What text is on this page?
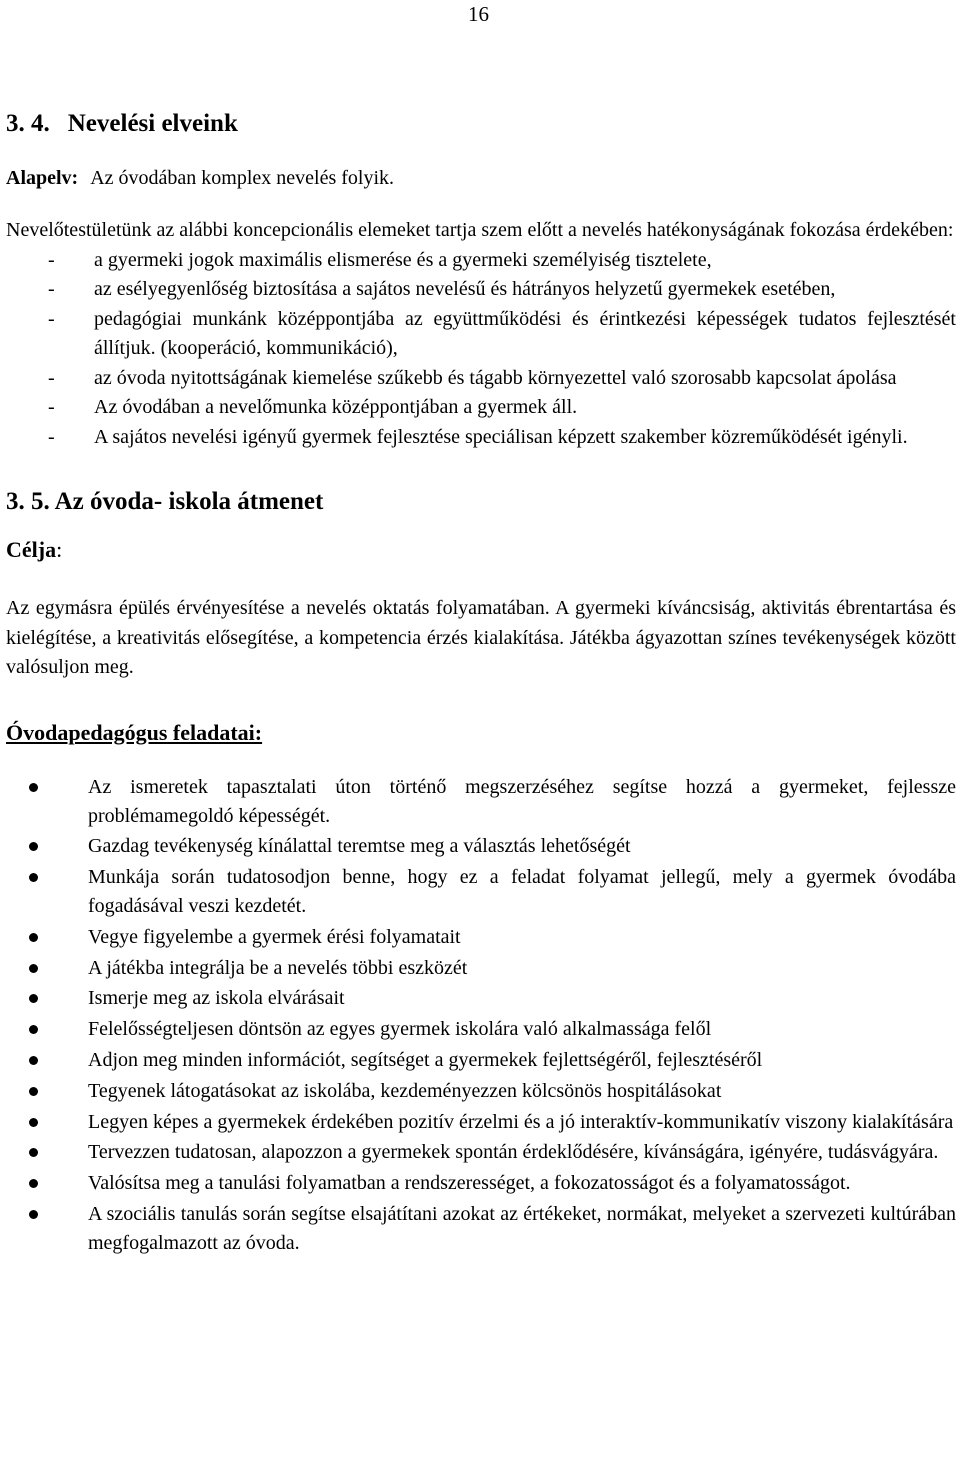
16
3. 4. Nevelési elveink
Alapelv: Az óvodában komplex nevelés folyik.

Nevelőtestületünk az alábbi koncepcionális elemeket tartja szem előtt a nevelés hatékonyságának fokozása érdekében:

- a gyermeki jogok maximális elismerése és a gyermeki személyiség tisztelete,
- az esélyegyenlőség biztosítása a sajátos nevelésű és hátrányos helyzetű gyermekek esetében,
- pedagógiai munkánk középpontjába az együttműködési és érintkezési képességek tudatos fejlesztését állítjuk. (kooperáció, kommunikáció),
- az óvoda nyitottságának kiemelése szűkebb és tágabb környezettel való szorosabb kapcsolat ápolása
- Az óvodában a nevelőmunka középpontjában a gyermek áll.
- A sajátos nevelési igényű gyermek fejlesztése speciálisan képzett szakember közreműködését igényli.
3. 5. Az óvoda- iskola átmenet
Célja:

Az egymásra épülés érvényesítése a nevelés oktatás folyamatában. A gyermeki kíváncsiság, aktivitás ébrentartása és kielégítése, a kreativitás elősegítése, a kompetencia érzés kialakítása. Játékba ágyazottan színes tevékenységek között valósuljon meg.

Óvodapedagógus feladatai:
Az ismeretek tapasztalati úton történő megszerzéséhez segítse hozzá a gyermeket, fejlessze problémamegoldó képességét.
Gazdag tevékenység kínálattal teremtse meg a választás lehetőségét
Munkája során tudatosodjon benne, hogy ez a feladat folyamat jellegű, mely a gyermek óvodába fogadásával veszi kezdetét.
Vegye figyelembe a gyermek érési folyamatait
A játékba integrálja be a nevelés többi eszközét
Ismerje meg az iskola elvárásait
Felelősségteljesen döntsön az egyes gyermek iskolára való alkalmassága felől
Adjon meg minden információt, segítséget a gyermekek fejlettségéről, fejlesztéséről
Tegyenek látogatásokat az iskolába, kezdeményezzen kölcsönös hospitálásokat
Legyen képes a gyermekek érdekében pozitív érzelmi és a jó interaktív-kommunikatív viszony kialakítására
Tervezzen tudatosan, alapozzon a gyermekek spontán érdeklődésére, kívánságára, igényére, tudásvágyára.
Valósítsa meg a tanulási folyamatban a rendszerességet, a fokozatosságot és a folyamatosságot.
A szociális tanulás során segítse elsajátítani azokat az értékeket, normákat, melyeket a szervezeti kultúrában megfogalmazott az óvoda.
